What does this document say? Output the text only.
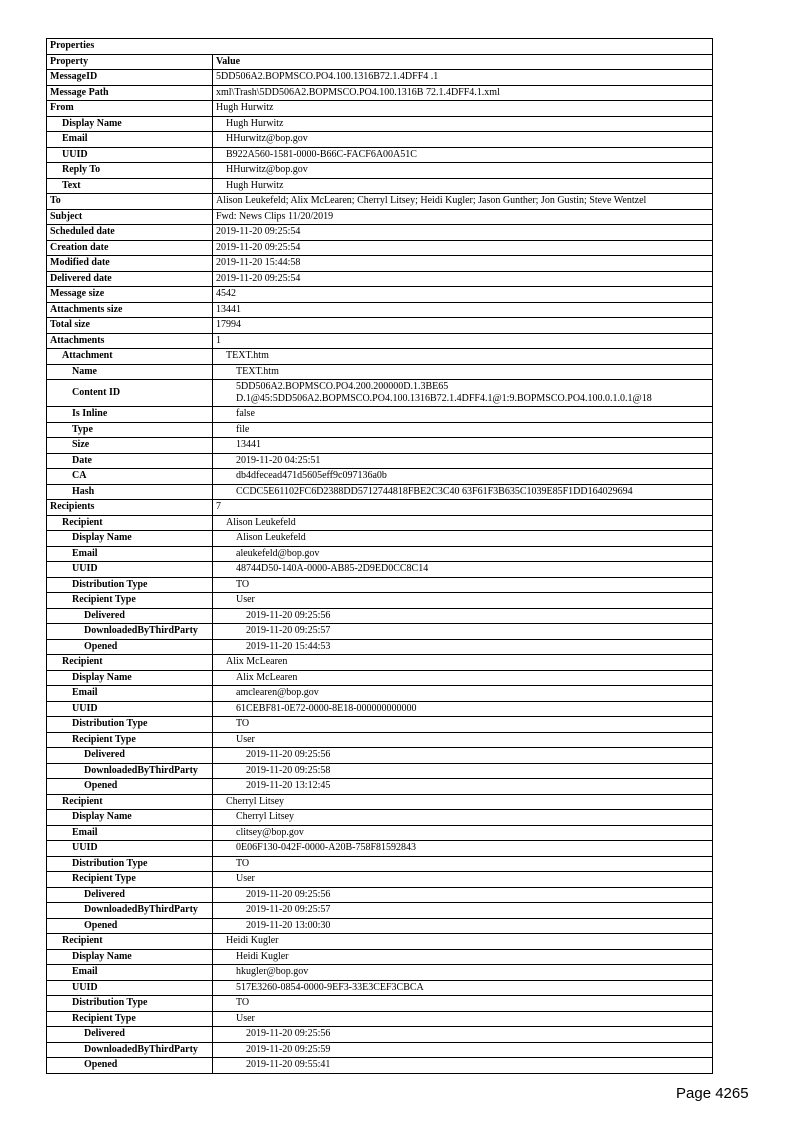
Properties	
Property	Value
MessageID	5DD506A2.BOPMSCO.PO4.100.1316B72.1.4DFF4 .1
Message Path	xml\Trash\5DD506A2.BOPMSCO.PO4.100.1316B 72.1.4DFF4.1.xml
From	Hugh Hurwitz
Display Name	Hugh Hurwitz
Email	HHurwitz@bop.gov
UUID	B922A560-1581-0000-B66C-FACF6A00A51C
Reply To	HHurwitz@bop.gov
Text	Hugh Hurwitz
To	Alison Leukefeld; Alix McLearen; Cherryl Litsey; Heidi Kugler; Jason Gunther; Jon Gustin; Steve Wentzel
Subject	Fwd: News Clips 11/20/2019
Scheduled date	2019-11-20 09:25:54
Creation date	2019-11-20 09:25:54
Modified date	2019-11-20 15:44:58
Delivered date	2019-11-20 09:25:54
Message size	4542
Attachments size	13441
Total size	17994
Attachments	1
Attachment	TEXT.htm
Name	TEXT.htm
Content ID	5DD506A2.BOPMSCO.PO4.200.200000D.1.3BE65 D.1@45:5DD506A2.BOPMSCO.PO4.100.1316B72.1.4DFF4.1@1:9.BOPMSCO.PO4.100.0.1.0.1@18
Is Inline	false
Type	file
Size	13441
Date	2019-11-20 04:25:51
CA	db4dfecead471d5605eff9c097136a0b
Hash	CCDC5E61102FC6D2388DD5712744818FBE2C3C40 63F61F3B635C1039E85F1DD164029694
Recipients	7
Recipient	Alison Leukefeld
Display Name	Alison Leukefeld
Email	aleukefeld@bop.gov
UUID	48744D50-140A-0000-AB85-2D9ED0CC8C14
Distribution Type	TO
Recipient Type	User
Delivered	2019-11-20 09:25:56
DownloadedByThirdParty	2019-11-20 09:25:57
Opened	2019-11-20 15:44:53
Recipient	Alix McLearen
Display Name	Alix McLearen
Email	amclearen@bop.gov
UUID	61CEBF81-0E72-0000-8E18-000000000000
Distribution Type	TO
Recipient Type	User
Delivered	2019-11-20 09:25:56
DownloadedByThirdParty	2019-11-20 09:25:58
Opened	2019-11-20 13:12:45
Recipient	Cherryl Litsey
Display Name	Cherryl Litsey
Email	clitsey@bop.gov
UUID	0E06F130-042F-0000-A20B-758F81592843
Distribution Type	TO
Recipient Type	User
Delivered	2019-11-20 09:25:56
DownloadedByThirdParty	2019-11-20 09:25:57
Opened	2019-11-20 13:00:30
Recipient	Heidi Kugler
Display Name	Heidi Kugler
Email	hkugler@bop.gov
UUID	517E3260-0854-0000-9EF3-33E3CEF3CBCA
Distribution Type	TO
Recipient Type	User
Delivered	2019-11-20 09:25:56
DownloadedByThirdParty	2019-11-20 09:25:59
Opened	2019-11-20 09:55:41
Page 4265
